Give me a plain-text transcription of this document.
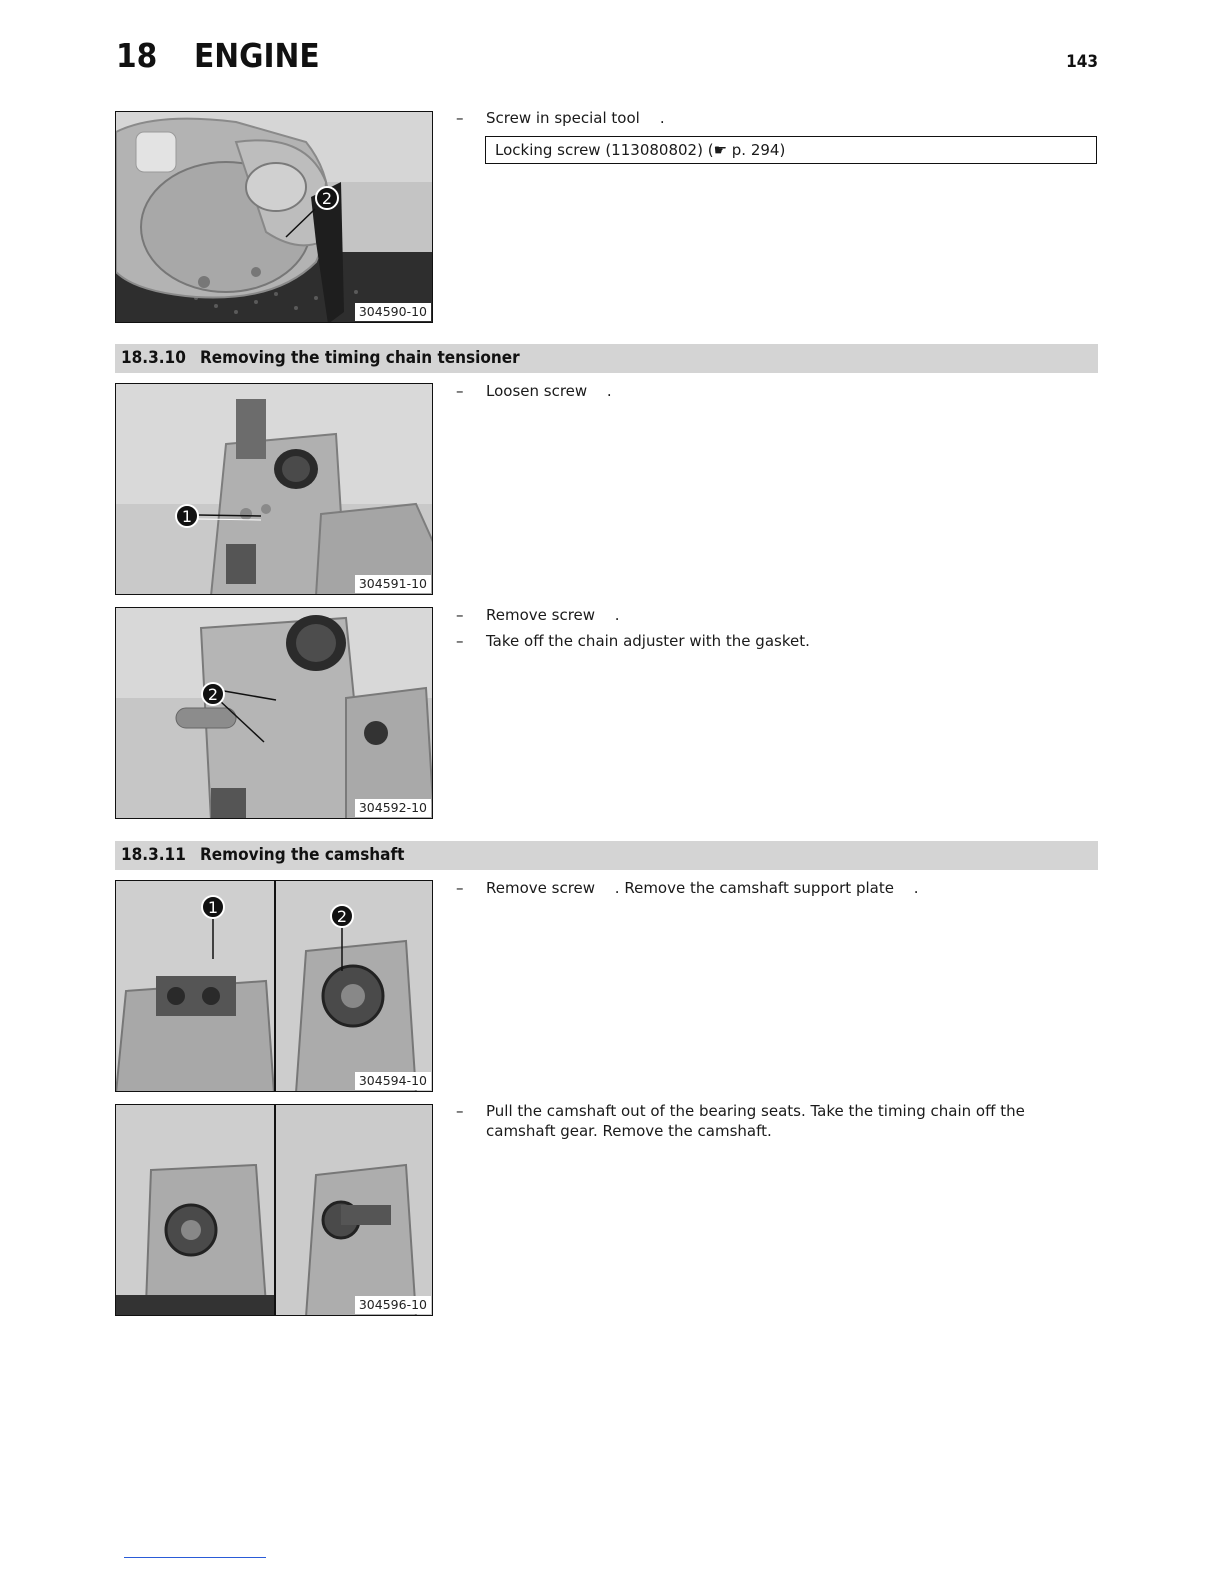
18 ENGINE	143
2
304590-10
– Screw in special tool .
Locking screw (113080802) (☛ p. 294)
18.3.10 Removing the timing chain tensioner
1
304591-10
– Loosen screw  .
2
304592-10
– Remove screw  .
– Take off the chain adjuster with the gasket.
18.3.11 Removing the camshaft
1	2
304594-10
– Remove screw  . Remove the camshaft support plate  .
304596-10
– Pull the camshaft out of the bearing seats. Take the timing chain off the camshaft gear. Remove the camshaft.
